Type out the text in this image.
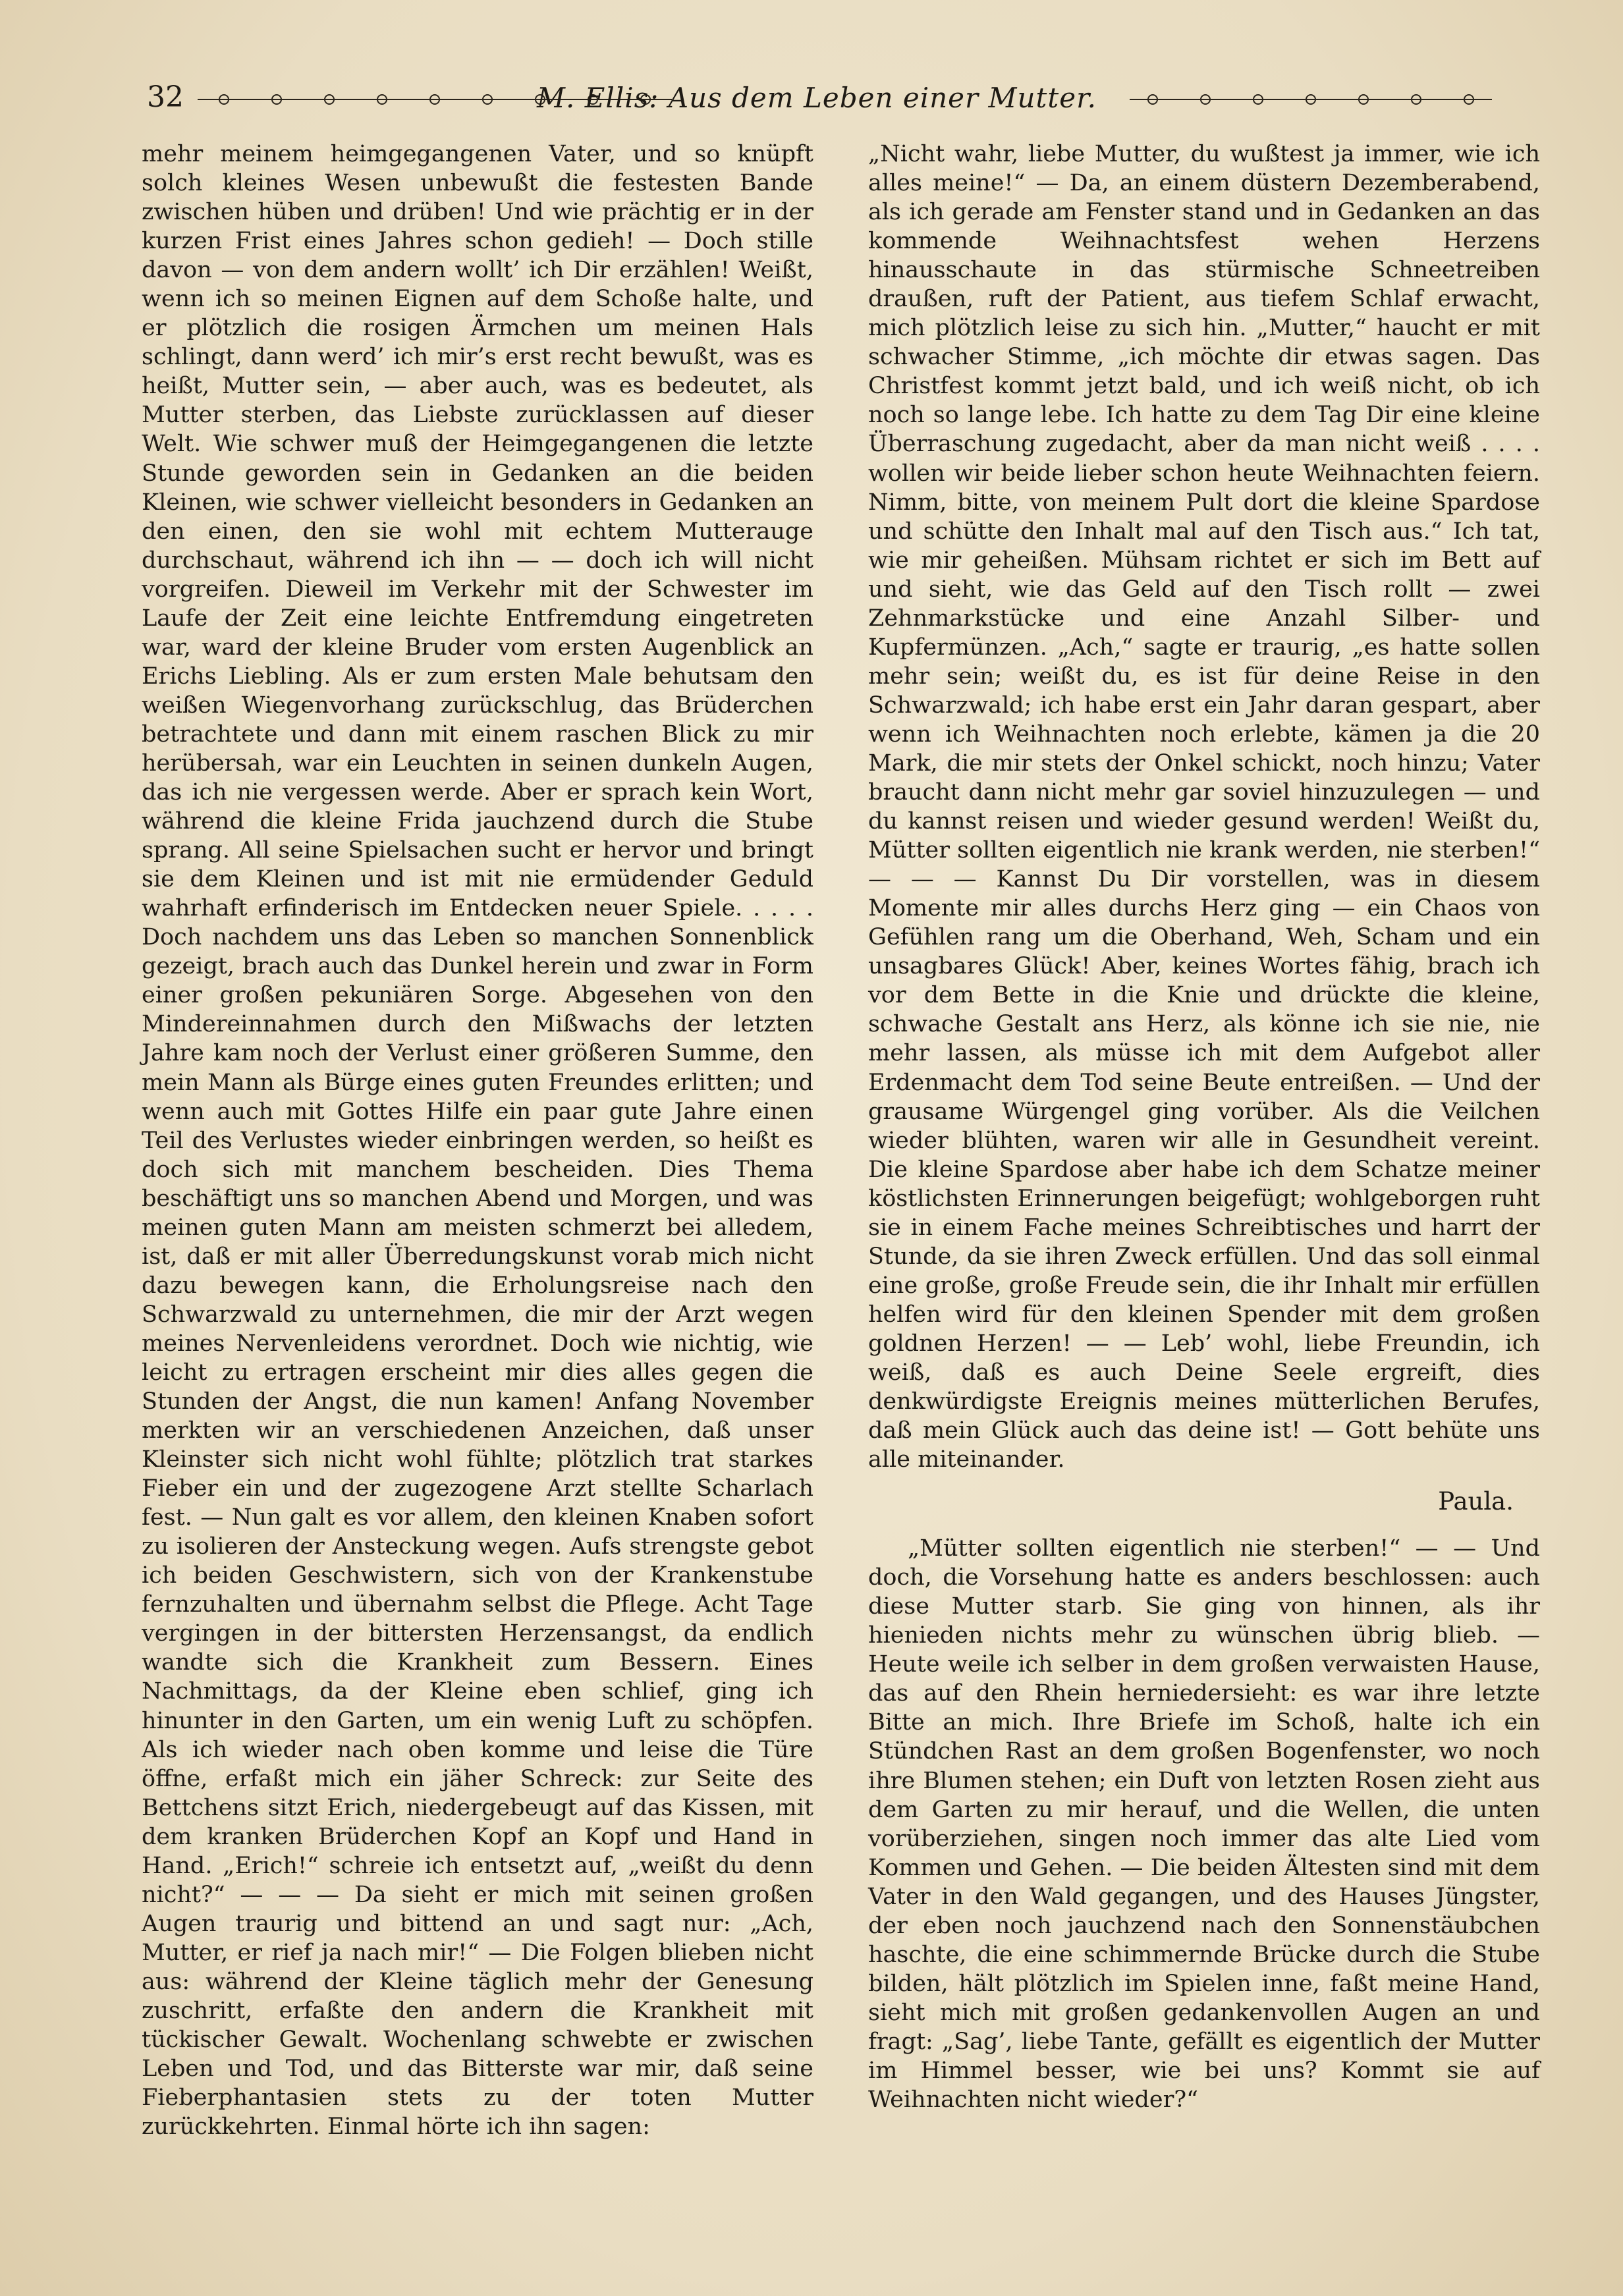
32	M. Ellis: Aus dem Leben einer Mutter.

mehr meinem heimgegangenen Vater, und so knüpft solch kleines Wesen unbewußt die festesten Bande zwischen hüben und drüben! Und wie prächtig er in der kurzen Frist eines Jahres schon gedieh! — Doch stille davon — von dem andern wollt’ ich Dir erzählen! Weißt, wenn ich so meinen Eignen auf dem Schoße halte, und er plötzlich die rosigen Ärmchen um meinen Hals schlingt, dann werd’ ich mir’s erst recht bewußt, was es heißt, Mutter sein, — aber auch, was es bedeutet, als Mutter sterben, das Liebste zurücklassen auf dieser Welt. Wie schwer muß der Heimgegangenen die letzte Stunde geworden sein in Gedanken an die beiden Kleinen, wie schwer vielleicht besonders in Gedanken an den einen, den sie wohl mit echtem Mutterauge durchschaut, während ich ihn — — doch ich will nicht vorgreifen. Dieweil im Verkehr mit der Schwester im Laufe der Zeit eine leichte Entfremdung eingetreten war, ward der kleine Bruder vom ersten Augenblick an Erichs Liebling. Als er zum ersten Male behutsam den weißen Wiegenvorhang zurückschlug, das Brüderchen betrachtete und dann mit einem raschen Blick zu mir herübersah, war ein Leuchten in seinen dunkeln Augen, das ich nie vergessen werde. Aber er sprach kein Wort, während die kleine Frida jauchzend durch die Stube sprang. All seine Spielsachen sucht er hervor und bringt sie dem Kleinen und ist mit nie ermüdender Geduld wahrhaft erfinderisch im Entdecken neuer Spiele. . . . . Doch nachdem uns das Leben so manchen Sonnenblick gezeigt, brach auch das Dunkel herein und zwar in Form einer großen pekuniären Sorge. Abgesehen von den Mindereinnahmen durch den Mißwachs der letzten Jahre kam noch der Verlust einer größeren Summe, den mein Mann als Bürge eines guten Freundes erlitten; und wenn auch mit Gottes Hilfe ein paar gute Jahre einen Teil des Verlustes wieder einbringen werden, so heißt es doch sich mit manchem bescheiden. Dies Thema beschäftigt uns so manchen Abend und Morgen, und was meinen guten Mann am meisten schmerzt bei alledem, ist, daß er mit aller Überredungskunst vorab mich nicht dazu bewegen kann, die Erholungsreise nach den Schwarzwald zu unternehmen, die mir der Arzt wegen meines Nervenleidens verordnet. Doch wie nichtig, wie leicht zu ertragen erscheint mir dies alles gegen die Stunden der Angst, die nun kamen! Anfang November merkten wir an verschiedenen Anzeichen, daß unser Kleinster sich nicht wohl fühlte; plötzlich trat starkes Fieber ein und der zugezogene Arzt stellte Scharlach fest. — Nun galt es vor allem, den kleinen Knaben sofort zu isolieren der Ansteckung wegen. Aufs strengste gebot ich beiden Geschwistern, sich von der Krankenstube fernzuhalten und übernahm selbst die Pflege. Acht Tage vergingen in der bittersten Herzensangst, da endlich wandte sich die Krankheit zum Bessern. Eines Nachmittags, da der Kleine eben schlief, ging ich hinunter in den Garten, um ein wenig Luft zu schöpfen. Als ich wieder nach oben komme und leise die Türe öffne, erfaßt mich ein jäher Schreck: zur Seite des Bettchens sitzt Erich, niedergebeugt auf das Kissen, mit dem kranken Brüderchen Kopf an Kopf und Hand in Hand. „Erich!“ schreie ich entsetzt auf, „weißt du denn nicht?“ — — — Da sieht er mich mit seinen großen Augen traurig und bittend an und sagt nur: „Ach, Mutter, er rief ja nach mir!“ — Die Folgen blieben nicht aus: während der Kleine täglich mehr der Genesung zuschritt, erfaßte den andern die Krankheit mit tückischer Gewalt. Wochenlang schwebte er zwischen Leben und Tod, und das Bitterste war mir, daß seine Fieberphantasien stets zu der toten Mutter zurückkehrten. Einmal hörte ich ihn sagen:

„Nicht wahr, liebe Mutter, du wußtest ja immer, wie ich alles meine!“ — Da, an einem düstern Dezemberabend, als ich gerade am Fenster stand und in Gedanken an das kommende Weihnachtsfest wehen Herzens hinausschaute in das stürmische Schneetreiben draußen, ruft der Patient, aus tiefem Schlaf erwacht, mich plötzlich leise zu sich hin. „Mutter,“ haucht er mit schwacher Stimme, „ich möchte dir etwas sagen. Das Christfest kommt jetzt bald, und ich weiß nicht, ob ich noch so lange lebe. Ich hatte zu dem Tag Dir eine kleine Überraschung zugedacht, aber da man nicht weiß . . . . wollen wir beide lieber schon heute Weihnachten feiern. Nimm, bitte, von meinem Pult dort die kleine Spardose und schütte den Inhalt mal auf den Tisch aus.“ Ich tat, wie mir geheißen. Mühsam richtet er sich im Bett auf und sieht, wie das Geld auf den Tisch rollt — zwei Zehnmarkstücke und eine Anzahl Silber- und Kupfermünzen. „Ach,“ sagte er traurig, „es hatte sollen mehr sein; weißt du, es ist für deine Reise in den Schwarzwald; ich habe erst ein Jahr daran gespart, aber wenn ich Weihnachten noch erlebte, kämen ja die 20 Mark, die mir stets der Onkel schickt, noch hinzu; Vater braucht dann nicht mehr gar soviel hinzuzulegen — und du kannst reisen und wieder gesund werden! Weißt du, Mütter sollten eigentlich nie krank werden, nie sterben!“ — — — Kannst Du Dir vorstellen, was in diesem Momente mir alles durchs Herz ging — ein Chaos von Gefühlen rang um die Oberhand, Weh, Scham und ein unsagbares Glück! Aber, keines Wortes fähig, brach ich vor dem Bette in die Knie und drückte die kleine, schwache Gestalt ans Herz, als könne ich sie nie, nie mehr lassen, als müsse ich mit dem Aufgebot aller Erdenmacht dem Tod seine Beute entreißen. — Und der grausame Würgengel ging vorüber. Als die Veilchen wieder blühten, waren wir alle in Gesundheit vereint. Die kleine Spardose aber habe ich dem Schatze meiner köstlichsten Erinnerungen beigefügt; wohlgeborgen ruht sie in einem Fache meines Schreibtisches und harrt der Stunde, da sie ihren Zweck erfüllen. Und das soll einmal eine große, große Freude sein, die ihr Inhalt mir erfüllen helfen wird für den kleinen Spender mit dem großen goldnen Herzen! — — Leb’ wohl, liebe Freundin, ich weiß, daß es auch Deine Seele ergreift, dies denkwürdigste Ereignis meines mütterlichen Berufes, daß mein Glück auch das deine ist! — Gott behüte uns alle miteinander.

Paula.

„Mütter sollten eigentlich nie sterben!“ — — Und doch, die Vorsehung hatte es anders beschlossen: auch diese Mutter starb. Sie ging von hinnen, als ihr hienieden nichts mehr zu wünschen übrig blieb. — Heute weile ich selber in dem großen verwaisten Hause, das auf den Rhein herniedersieht: es war ihre letzte Bitte an mich. Ihre Briefe im Schoß, halte ich ein Stündchen Rast an dem großen Bogenfenster, wo noch ihre Blumen stehen; ein Duft von letzten Rosen zieht aus dem Garten zu mir herauf, und die Wellen, die unten vorüberziehen, singen noch immer das alte Lied vom Kommen und Gehen. — Die beiden Ältesten sind mit dem Vater in den Wald gegangen, und des Hauses Jüngster, der eben noch jauchzend nach den Sonnenstäubchen haschte, die eine schimmernde Brücke durch die Stube bilden, hält plötzlich im Spielen inne, faßt meine Hand, sieht mich mit großen gedankenvollen Augen an und fragt: „Sag’, liebe Tante, gefällt es eigentlich der Mutter im Himmel besser, wie bei uns? Kommt sie auf Weihnachten nicht wieder?“
